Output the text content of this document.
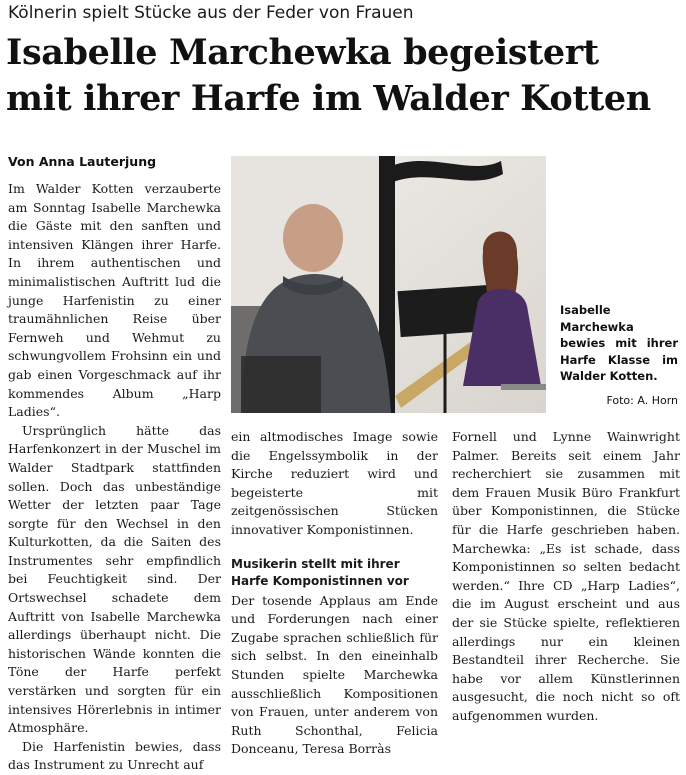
Kölnerin spielt Stücke aus der Feder von Frauen
Isabelle Marchewka begeistert
mit ihrer Harfe im Walder Kotten
Von Anna Lauterjung

Im Walder Kotten verzauberte am Sonntag Isabelle Marchewka die Gäste mit den sanften und intensiven Klängen ihrer Harfe. In ihrem authentischen und minimalistischen Auftritt lud die junge Harfenistin zu einer traumähnlichen Reise über Fernweh und Wehmut zu schwungvollem Frohsinn ein und gab einen Vorgeschmack auf ihr kommendes Album „Harp Ladies“.

Ursprünglich hätte das Harfenkonzert in der Muschel im Walder Stadtpark stattfinden sollen. Doch das unbeständige Wetter der letzten paar Tage sorgte für den Wechsel in den Kulturkotten, da die Saiten des Instrumentes sehr empfindlich bei Feuchtigkeit sind. Der Ortswechsel schadete dem Auftritt von Isabelle Marchewka allerdings überhaupt nicht. Die historischen Wände konnten die Töne der Harfe perfekt verstärken und sorgten für ein intensives Hörerlebnis in intimer Atmosphäre.

Die Harfenistin bewies, dass das Instrument zu Unrecht auf

Isabelle Marchewka bewies mit ihrer Harfe Klasse im Walder Kotten.
Foto: A. Horn

ein altmodisches Image sowie die Engelssymbolik in der Kirche reduziert wird und begeisterte mit zeitgenössischen Stücken innovativer Komponistinnen.

Musikerin stellt mit ihrer Harfe Komponistinnen vor

Der tosende Applaus am Ende und Forderungen nach einer Zugabe sprachen schließlich für sich selbst. In den eineinhalb Stunden spielte Marchewka ausschließlich Kompositionen von Frauen, unter anderem von Ruth Schonthal, Felicia Donceanu, Teresa Borràs

Fornell und Lynne Wainwright Palmer. Bereits seit einem Jahr recherchiert sie zusammen mit dem Frauen Musik Büro Frankfurt über Komponistinnen, die Stücke für die Harfe geschrieben haben. Marchewka: „Es ist schade, dass Komponistinnen so selten bedacht werden.“ Ihre CD „Harp Ladies“, die im August erscheint und aus der sie Stücke spielte, reflektieren allerdings nur ein kleinen Bestandteil ihrer Recherche. Sie habe vor allem Künstlerinnen ausgesucht, die noch nicht so oft aufgenommen wurden.
